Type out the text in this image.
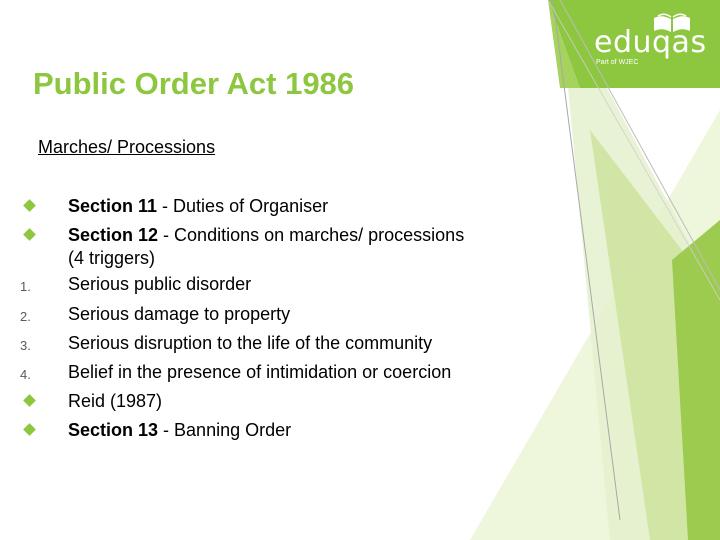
eduqas
Part of WJEC
Public Order Act 1986
Marches/ Processions
Section 11 - Duties of Organiser
Section 12 - Conditions on marches/ processions
(4 triggers)
1. Serious public disorder
2. Serious damage to property
3. Serious disruption to the life of the community
4. Belief in the presence of intimidation or coercion
Reid (1987)
Section 13 - Banning Order
